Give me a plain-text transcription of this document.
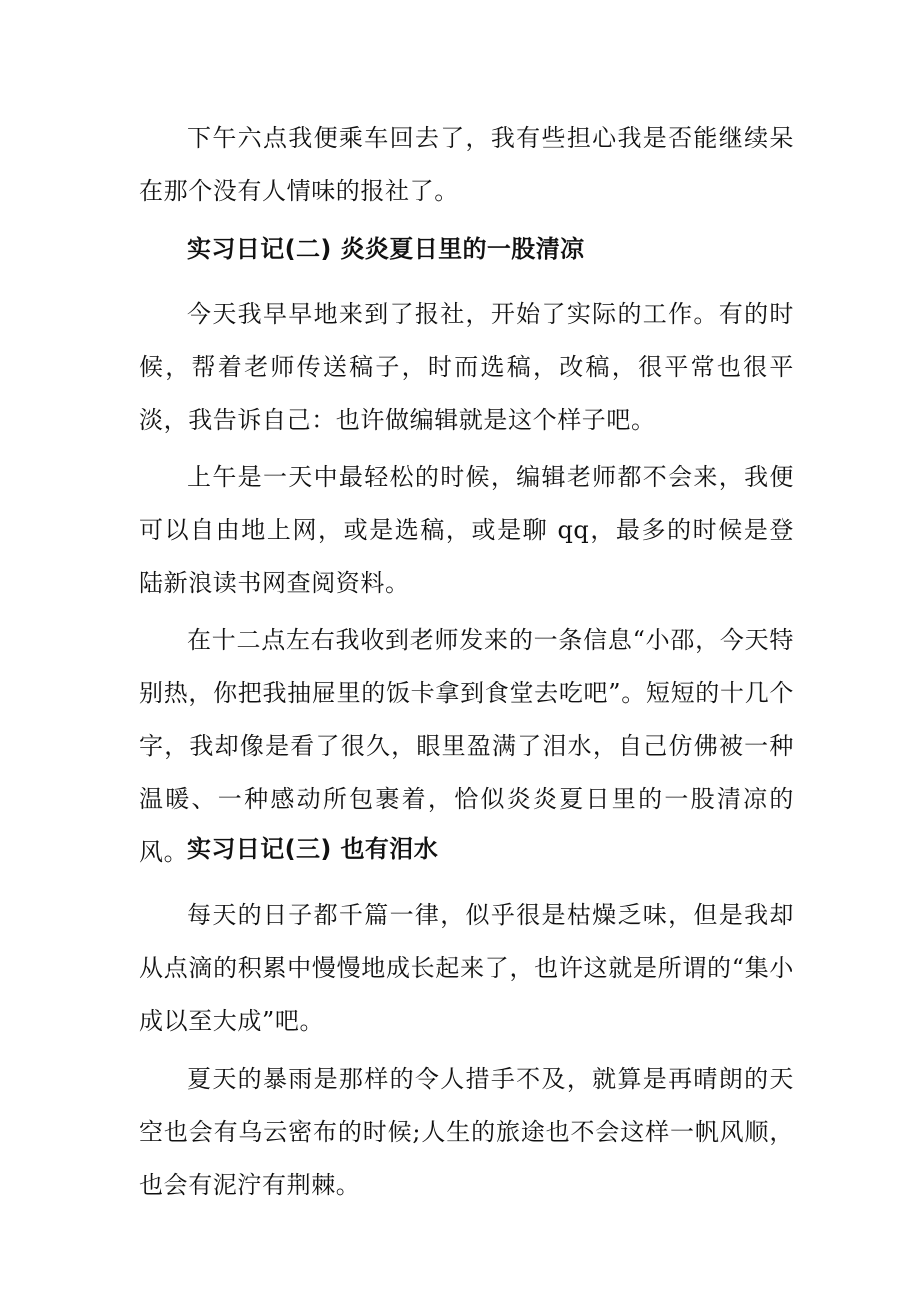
下午六点我便乘车回去了，我有些担心我是否能继续呆在那个没有人情味的报社了。

实习日记(二) 炎炎夏日里的一股清凉

今天我早早地来到了报社，开始了实际的工作。有的时候，帮着老师传送稿子，时而选稿，改稿，很平常也很平淡，我告诉自己：也许做编辑就是这个样子吧。

上午是一天中最轻松的时候，编辑老师都不会来，我便可以自由地上网，或是选稿，或是聊 qq，最多的时候是登陆新浪读书网查阅资料。

在十二点左右我收到老师发来的一条信息“小邵，今天特别热，你把我抽屉里的饭卡拿到食堂去吃吧”。短短的十几个字，我却像是看了很久，眼里盈满了泪水，自己仿佛被一种温暖、一种感动所包裹着，恰似炎炎夏日里的一股清凉的风。

实习日记(三) 也有泪水

每天的日子都千篇一律，似乎很是枯燥乏味，但是我却从点滴的积累中慢慢地成长起来了，也许这就是所谓的“集小成以至大成”吧。

夏天的暴雨是那样的令人措手不及，就算是再晴朗的天空也会有乌云密布的时候;人生的旅途也不会这样一帆风顺，也会有泥泞有荆棘。
